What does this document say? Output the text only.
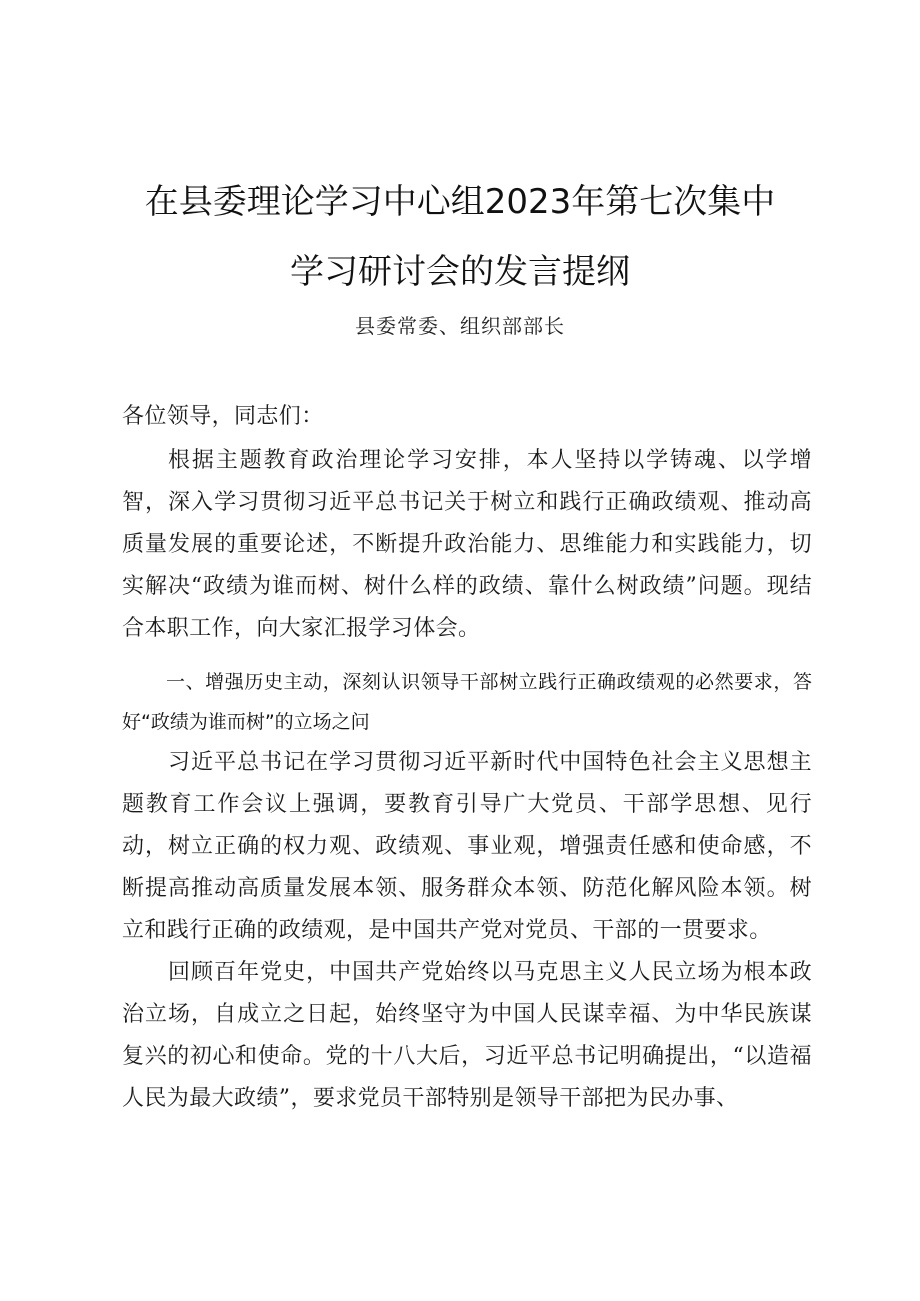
在县委理论学习中心组2023年第七次集中
学习研讨会的发言提纲
县委常委、组织部部长

各位领导，同志们：

根据主题教育政治理论学习安排，本人坚持以学铸魂、以学增智，深入学习贯彻习近平总书记关于树立和践行正确政绩观、推动高质量发展的重要论述，不断提升政治能力、思维能力和实践能力，切实解决“政绩为谁而树、树什么样的政绩、靠什么树政绩”问题。现结合本职工作，向大家汇报学习体会。

一、增强历史主动，深刻认识领导干部树立践行正确政绩观的必然要求，答好“政绩为谁而树”的立场之问

习近平总书记在学习贯彻习近平新时代中国特色社会主义思想主题教育工作会议上强调，要教育引导广大党员、干部学思想、见行动，树立正确的权力观、政绩观、事业观，增强责任感和使命感，不断提高推动高质量发展本领、服务群众本领、防范化解风险本领。树立和践行正确的政绩观，是中国共产党对党员、干部的一贯要求。

回顾百年党史，中国共产党始终以马克思主义人民立场为根本政治立场，自成立之日起，始终坚守为中国人民谋幸福、为中华民族谋复兴的初心和使命。党的十八大后，习近平总书记明确提出，“以造福人民为最大政绩”，要求党员干部特别是领导干部把为民办事、
